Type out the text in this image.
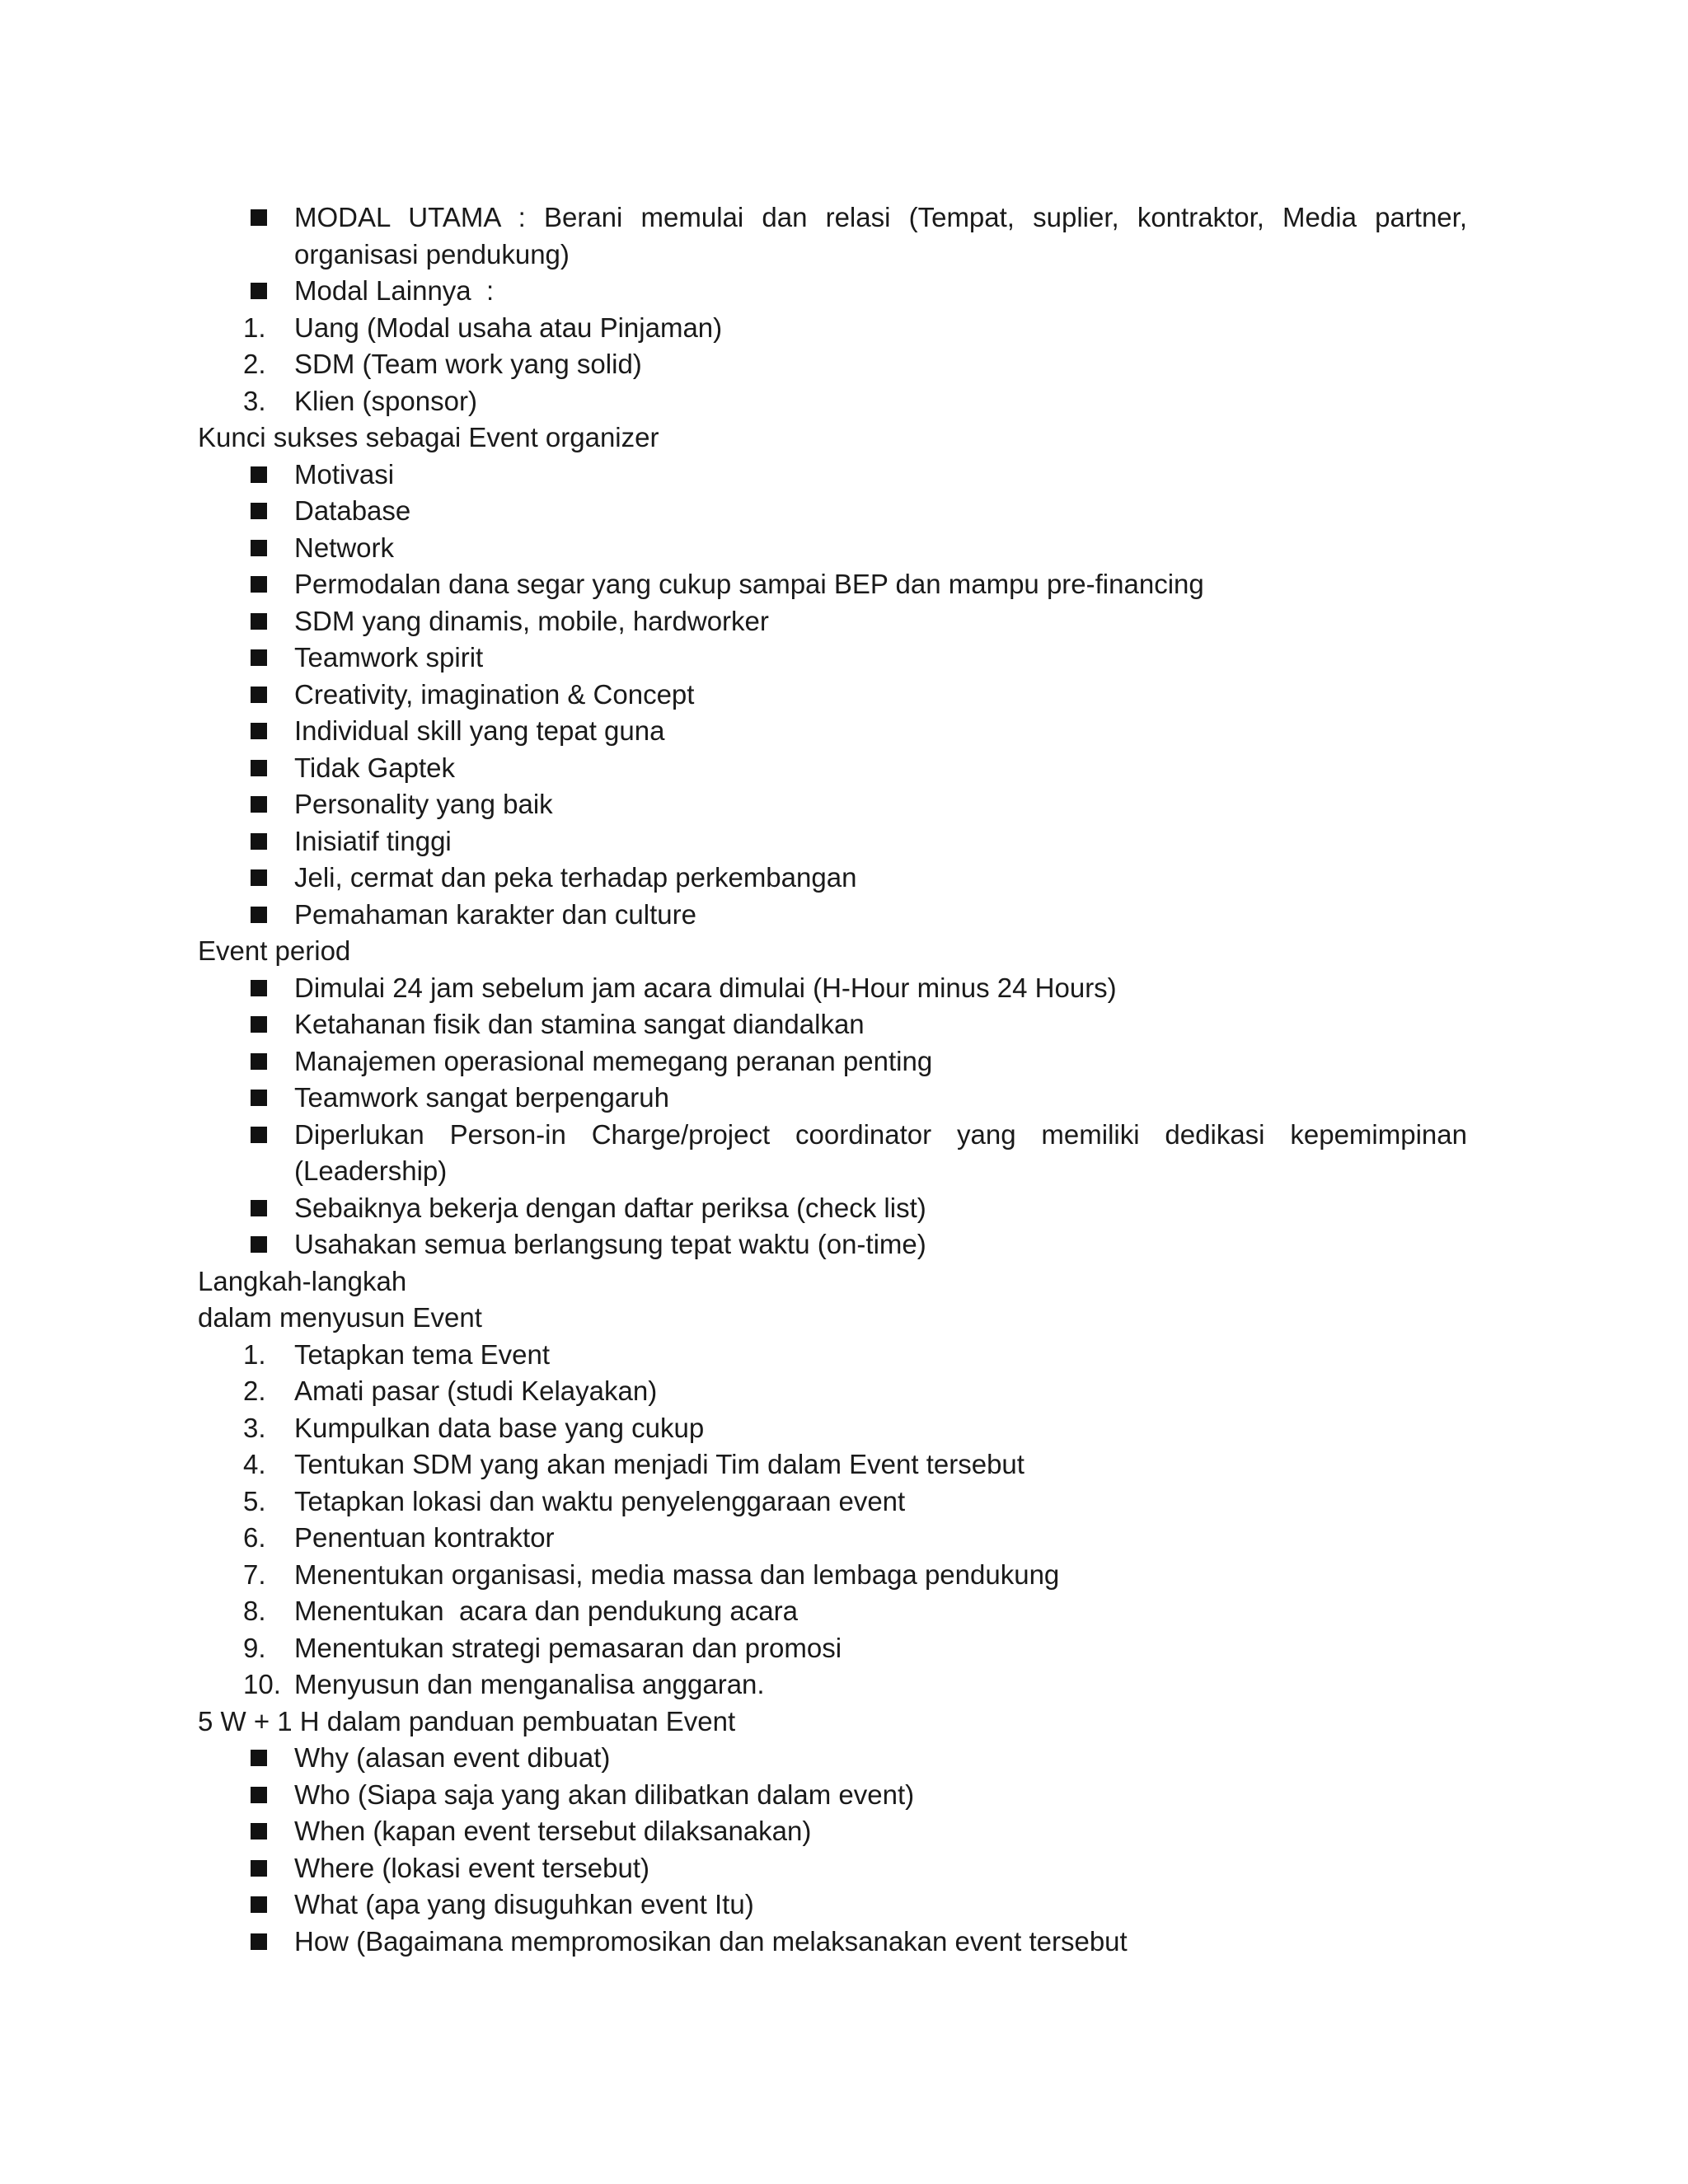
MODAL UTAMA : Berani memulai dan relasi (Tempat, suplier, kontraktor, Media partner, organisasi pendukung)
Modal Lainnya  :
1.	Uang (Modal usaha atau Pinjaman)
2.	SDM (Team work yang solid)
3.	Klien (sponsor)
Kunci sukses sebagai Event organizer
Motivasi
Database
Network
Permodalan dana segar yang cukup sampai BEP dan mampu pre-financing
SDM yang dinamis, mobile, hardworker
Teamwork spirit
Creativity, imagination & Concept
Individual skill yang tepat guna
Tidak Gaptek
Personality yang baik
Inisiatif tinggi
Jeli, cermat dan peka terhadap perkembangan
Pemahaman karakter dan culture
Event period
Dimulai 24 jam sebelum jam acara dimulai (H-Hour minus 24 Hours)
Ketahanan fisik dan stamina sangat diandalkan
Manajemen operasional memegang peranan penting
Teamwork sangat berpengaruh
Diperlukan Person-in Charge/project coordinator yang memiliki dedikasi kepemimpinan (Leadership)
Sebaiknya bekerja dengan daftar periksa (check list)
Usahakan semua berlangsung tepat waktu (on-time)
Langkah-langkah
dalam menyusun Event
1.	Tetapkan tema Event
2.	Amati pasar (studi Kelayakan)
3.	Kumpulkan data base yang cukup
4.	Tentukan SDM yang akan menjadi Tim dalam Event tersebut
5.	Tetapkan lokasi dan waktu penyelenggaraan event
6.	Penentuan kontraktor
7.	Menentukan organisasi, media massa dan lembaga pendukung
8.	Menentukan  acara dan pendukung acara
9.	Menentukan strategi pemasaran dan promosi
10. Menyusun dan menganalisa anggaran.
5 W + 1 H dalam panduan pembuatan Event
Why (alasan event dibuat)
Who (Siapa saja yang akan dilibatkan dalam event)
When (kapan event tersebut dilaksanakan)
Where (lokasi event tersebut)
What (apa yang disuguhkan event Itu)
How (Bagaimana mempromosikan dan melaksanakan event tersebut
